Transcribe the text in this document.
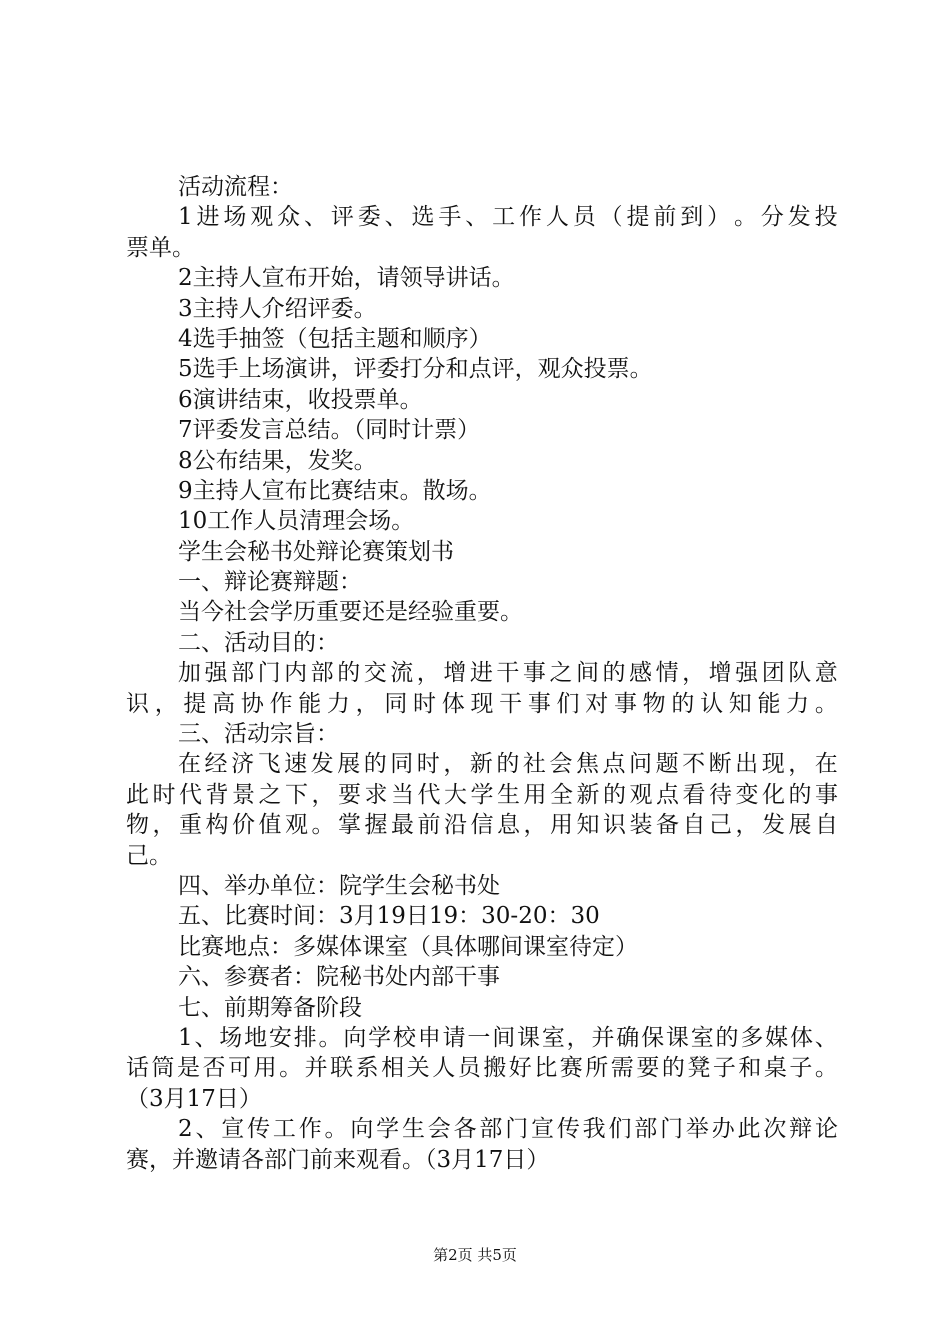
活动流程：
1 进 场 观 众 、 评 委 、 选 手 、 工 作 人 员 （ 提 前 到 ） 。 分 发 投
票单。
2主持人宣布开始，请领导讲话。
3主持人介绍评委。
4选手抽签（包括主题和顺序）
5选手上场演讲，评委打分和点评，观众投票。
6演讲结束，收投票单。
7评委发言总结。（同时计票）
8公布结果，发奖。
9主持人宣布比赛结束。散场。
10工作人员清理会场。
学生会秘书处辩论赛策划书
一、辩论赛辩题：
当今社会学历重要还是经验重要。
二、活动目的：
加 强 部 门 内 部 的 交 流 ， 增 进 干 事 之 间 的 感 情 ， 增 强 团 队 意
识 ， 提 高 协 作 能 力 ， 同 时 体 现 干 事 们 对 事 物 的 认 知 能 力 。
三、活动宗旨：
在 经 济 飞 速 发 展 的 同 时 ， 新 的 社 会 焦 点 问 题 不 断 出 现 ， 在
此 时 代 背 景 之 下 ， 要 求 当 代 大 学 生 用 全 新 的 观 点 看 待 变 化 的 事
物 ， 重 构 价 值 观 。 掌 握 最 前 沿 信 息 ， 用 知 识 装 备 自 己 ， 发 展 自
己。
四、举办单位：院学生会秘书处
五、比赛时间：3月19日19：30-20：30
比赛地点：多媒体课室（具体哪间课室待定）
六、参赛者：院秘书处内部干事
七、前期筹备阶段
1 、 场 地 安 排 。 向 学 校 申 请 一 间 课 室 ， 并 确 保 课 室 的 多 媒 体 、
话 筒 是 否 可 用 。 并 联 系 相 关 人 员 搬 好 比 赛 所 需 要 的 凳 子 和 桌 子 。
（3月17日）
2 、 宣 传 工 作 。 向 学 生 会 各 部 门 宣 传 我 们 部 门 举 办 此 次 辩 论
赛，并邀请各部门前来观看。（3月17日）
第2页 共5页
